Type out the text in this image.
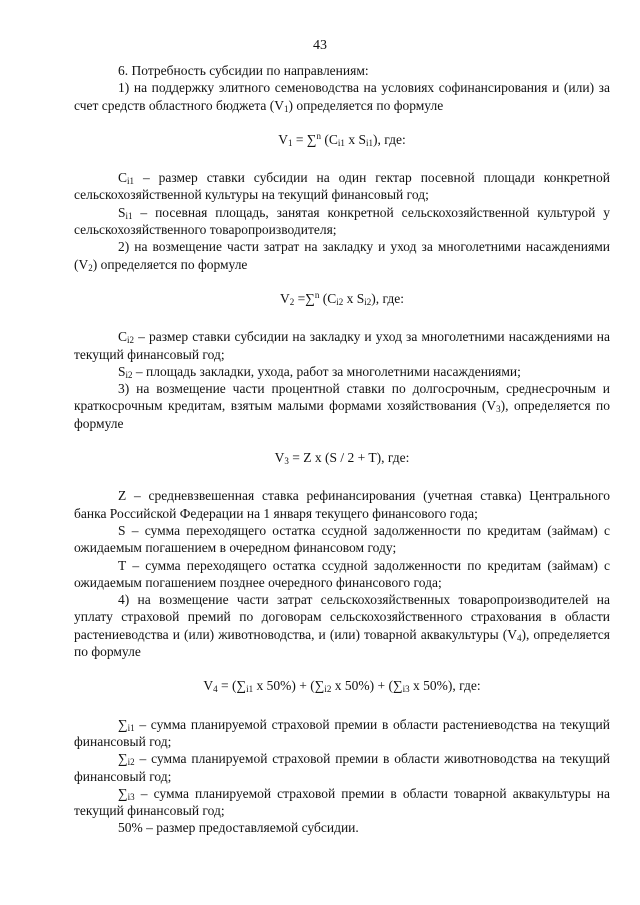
43

6. Потребность субсидии по направлениям:

1) на поддержку элитного семеноводства на условиях софинансирования и (или) за счет средств областного бюджета $(V_1)$ определяется по формуле

$V_1 = \sum^n$ ($C_{i1}$ x $S_{i1}$), где:

$C_{i1}$ – размер ставки субсидии на один гектар посевной площади конкретной сельскохозяйственной культуры на текущий финансовый год;

$S_{i1}$ – посевная площадь, занятая конкретной сельскохозяйственной культурой у сельскохозяйственного товаропроизводителя;

2) на возмещение части затрат на закладку и уход за многолетними насаждениями $(V_2)$ определяется по формуле

$V_2 =\sum^n$ ($C_{i2}$ x $S_{i2}$), где:

$C_{i2}$ – размер ставки субсидии на закладку и уход за многолетними насаждениями на текущий финансовый год;

$S_{i2}$ – площадь закладки, ухода, работ за многолетними насаждениями;

3) на возмещение части процентной ставки по долгосрочным, среднесрочным и краткосрочным кредитам, взятым малыми формами хозяйствования $(V_3)$, определяется по формуле

$V_3 = Z$ x (S / 2 + T), где:

Z – средневзвешенная ставка рефинансирования (учетная ставка) Центрального банка Российской Федерации на 1 января текущего финансового года;

S – сумма переходящего остатка ссудной задолженности по кредитам (займам) с ожидаемым погашением в очередном финансовом году;

Т – сумма переходящего остатка ссудной задолженности по кредитам (займам) с ожидаемым погашением позднее очередного финансового года;

4) на возмещение части затрат сельскохозяйственных товаропроизводителей на уплату страховой премий по договорам сельскохозяйственного страхования в области растениеводства и (или) животноводства, и (или) товарной аквакультуры $(V_4)$, определяется по формуле

$V_4 = (\sum_{i1}$ x $50\%) + (\sum_{i2}$ x $50\%) + (\sum_{i3}$ x 50%), где:

$\sum_{i1}$ – сумма планируемой страховой премии в области растениеводства на текущий финансовый год;

$\sum_{i2}$ – сумма планируемой страховой премии в области животноводства на текущий финансовый год;

$\sum_{i3}$ – сумма планируемой страховой премии в области товарной аквакультуры на текущий финансовый год;

50% – размер предоставляемой субсидии.
